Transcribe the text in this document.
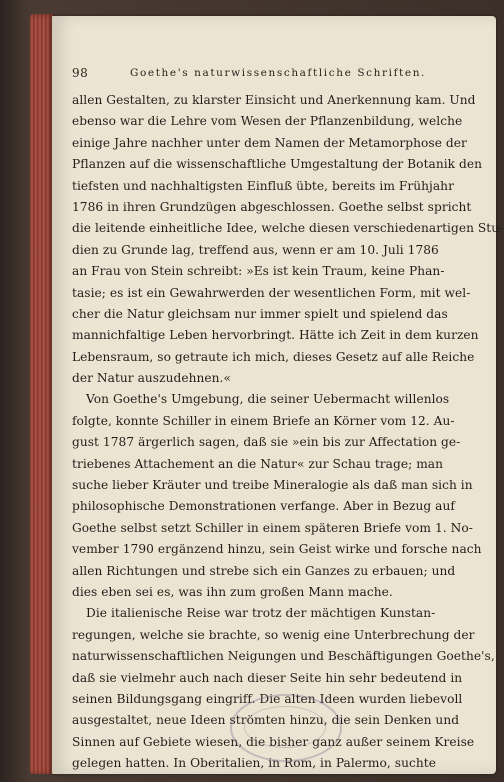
98	Goethe's naturwissenschaftliche Schriften.
allen Gestalten, zu klarster Einsicht und Anerkennung kam. Und
ebenso war die Lehre vom Wesen der Pflanzenbildung, welche
einige Jahre nachher unter dem Namen der Metamorphose der
Pflanzen auf die wissenschaftliche Umgestaltung der Botanik den
tiefsten und nachhaltigsten Einfluß übte, bereits im Frühjahr
1786 in ihren Grundzügen abgeschlossen. Goethe selbst spricht
die leitende einheitliche Idee, welche diesen verschiedenartigen Stu-
dien zu Grunde lag, treffend aus, wenn er am 10. Juli 1786
an Frau von Stein schreibt: »Es ist kein Traum, keine Phan-
tasie; es ist ein Gewahrwerden der wesentlichen Form, mit wel-
cher die Natur gleichsam nur immer spielt und spielend das
mannichfaltige Leben hervorbringt. Hätte ich Zeit in dem kurzen
Lebensraum, so getraute ich mich, dieses Gesetz auf alle Reiche
der Natur auszudehnen.«
Von Goethe's Umgebung, die seiner Uebermacht willenlos
folgte, konnte Schiller in einem Briefe an Körner vom 12. Au-
gust 1787 ärgerlich sagen, daß sie »ein bis zur Affectation ge-
triebenes Attachement an die Natur« zur Schau trage; man
suche lieber Kräuter und treibe Mineralogie als daß man sich in
philosophische Demonstrationen verfange. Aber in Bezug auf
Goethe selbst setzt Schiller in einem späteren Briefe vom 1. No-
vember 1790 ergänzend hinzu, sein Geist wirke und forsche nach
allen Richtungen und strebe sich ein Ganzes zu erbauen; und
dies eben sei es, was ihn zum großen Mann mache.
Die italienische Reise war trotz der mächtigen Kunstan-
regungen, welche sie brachte, so wenig eine Unterbrechung der
naturwissenschaftlichen Neigungen und Beschäftigungen Goethe's,
daß sie vielmehr auch nach dieser Seite hin sehr bedeutend in
seinen Bildungsgang eingriff. Die alten Ideen wurden liebevoll
ausgestaltet, neue Ideen strömten hinzu, die sein Denken und
Sinnen auf Gebiete wiesen, die bisher ganz außer seinem Kreise
gelegen hatten. In Oberitalien, in Rom, in Palermo, suchte
